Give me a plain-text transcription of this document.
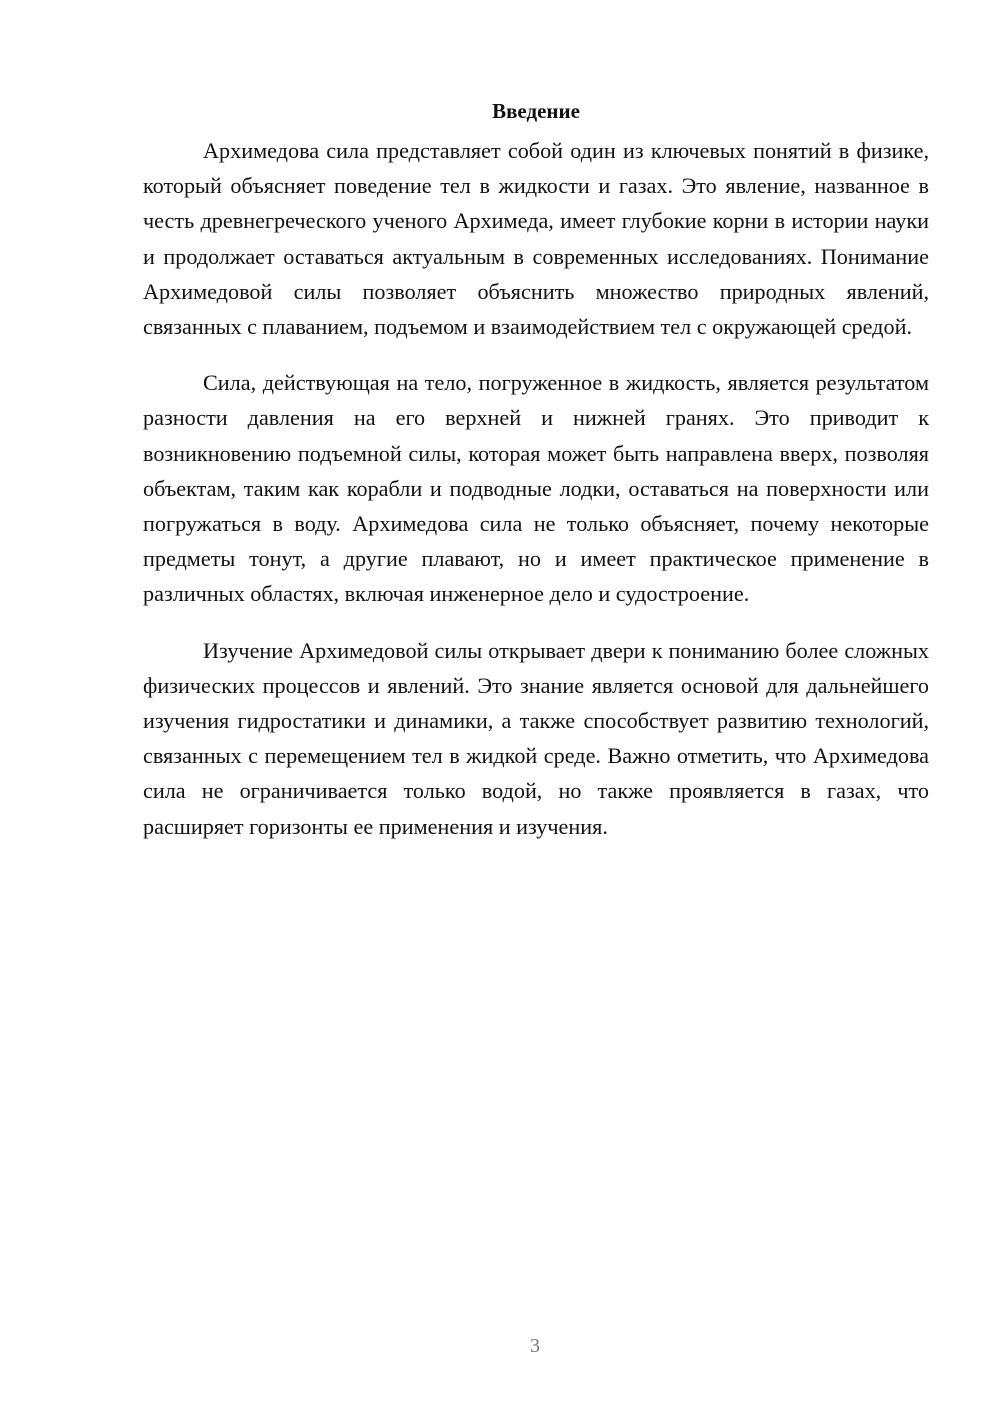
Введение

Архимедова сила представляет собой один из ключевых понятий в физике, который объясняет поведение тел в жидкости и газах. Это явление, названное в честь древнегреческого ученого Архимеда, имеет глубокие корни в истории науки и продолжает оставаться актуальным в современных исследованиях. Понимание Архимедовой силы позволяет объяснить множество природных явлений, связанных с плаванием, подъемом и взаимодействием тел с окружающей средой.

Сила, действующая на тело, погруженное в жидкость, является результатом разности давления на его верхней и нижней гранях. Это приводит к возникновению подъемной силы, которая может быть направлена вверх, позволяя объектам, таким как корабли и подводные лодки, оставаться на поверхности или погружаться в воду. Архимедова сила не только объясняет, почему некоторые предметы тонут, а другие плавают, но и имеет практическое применение в различных областях, включая инженерное дело и судостроение.

Изучение Архимедовой силы открывает двери к пониманию более сложных физических процессов и явлений. Это знание является основой для дальнейшего изучения гидростатики и динамики, а также способствует развитию технологий, связанных с перемещением тел в жидкой среде. Важно отметить, что Архимедова сила не ограничивается только водой, но также проявляется в газах, что расширяет горизонты ее применения и изучения.

3
